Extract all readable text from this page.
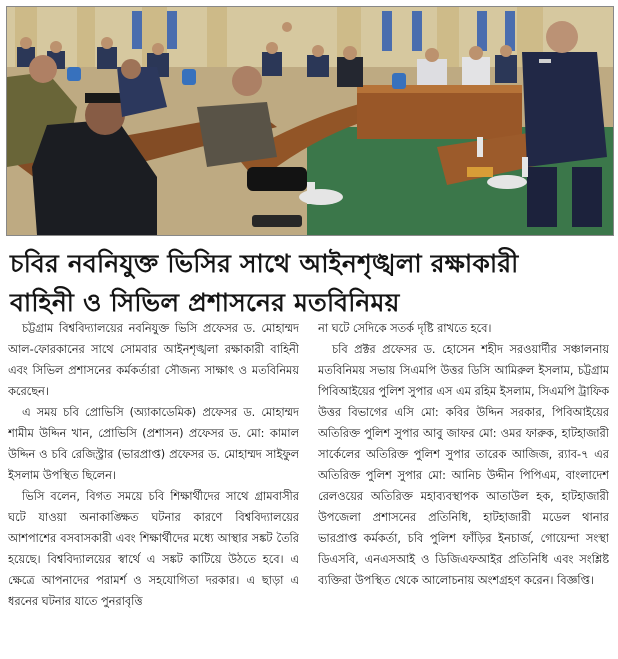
চবির নবনিযুক্ত ভিসির সাথে আইনশৃঙ্খলা রক্ষাকারী
বাহিনী ও সিভিল প্রশাসনের মতবিনিময়

চট্টগ্রাম বিশ্ববিদ্যালয়ের নবনিযুক্ত ভিসি প্রফেসর ড. মোহাম্মদ আল-ফোরকানের সাথে সোমবার আইনশৃঙ্খলা রক্ষাকারী বাহিনী এবং সিভিল প্রশাসনের কর্মকর্তারা সৌজন্য সাক্ষাৎ ও মতবিনিময় করেছেন।

এ সময় চবি প্রোভিসি (অ্যাকাডেমিক) প্রফেসর ড. মোহাম্মদ শামীম উদ্দিন খান, প্রোভিসি (প্রশাসন) প্রফেসর ড. মো: কামাল উদ্দিন ও চবি রেজিস্ট্রার (ভারপ্রাপ্ত) প্রফেসর ড. মোহাম্মদ সাইফুল ইসলাম উপস্থিত ছিলেন।

ভিসি বলেন, বিগত সময়ে চবি শিক্ষার্থীদের সাথে গ্রামবাসীর ঘটে যাওয়া অনাকাঙ্ক্ষিত ঘটনার কারণে বিশ্ববিদ্যালয়ের আশপাশের বসবাসকারী এবং শিক্ষার্থীদের মধ্যে আস্থার সঙ্কট তৈরি হয়েছে। বিশ্ববিদ্যালয়ের স্বার্থে এ সঙ্কট কাটিয়ে উঠতে হবে। এ ক্ষেত্রে আপনাদের পরামর্শ ও সহযোগিতা দরকার। এ ছাড়া এ ধরনের ঘটনার যাতে পুনরাবৃত্তি

না ঘটে সেদিকে সতর্ক দৃষ্টি রাখতে হবে।

চবি প্রক্টর প্রফেসর ড. হোসেন শহীদ সরওয়ার্দীর সঞ্চালনায় মতবিনিময় সভায় সিএমপি উত্তর ডিসি আমিরুল ইসলাম, চট্টগ্রাম পিবিআইয়ের পুলিশ সুপার এস এম রহিম ইসলাম, সিএমপি ট্রাফিক উত্তর বিভাগের এসি মো: কবির উদ্দিন সরকার, পিবিআইয়ের অতিরিক্ত পুলিশ সুপার আবু জাফর মো: ওমর ফারুক, হাটহাজারী সার্কেলের অতিরিক্ত পুলিশ সুপার তারেক আজিজ, র‍্যাব-৭ এর অতিরিক্ত পুলিশ সুপার মো: আনিচ উদ্দীন পিপিএম, বাংলাদেশ রেলওয়ের অতিরিক্ত মহাব্যবস্থাপক আতাউল হক, হাটহাজারী উপজেলা প্রশাসনের প্রতিনিধি, হাটহাজারী মডেল থানার ভারপ্রাপ্ত কর্মকর্তা, চবি পুলিশ ফাঁড়ির ইনচার্জ, গোয়েন্দা সংস্থা ডিএসবি, এনএসআই ও ডিজিএফআইর প্রতিনিধি এবং সংশ্লিষ্ট ব্যক্তিরা উপস্থিত থেকে আলোচনায় অংশগ্রহণ করেন। বিজ্ঞপ্তি।
